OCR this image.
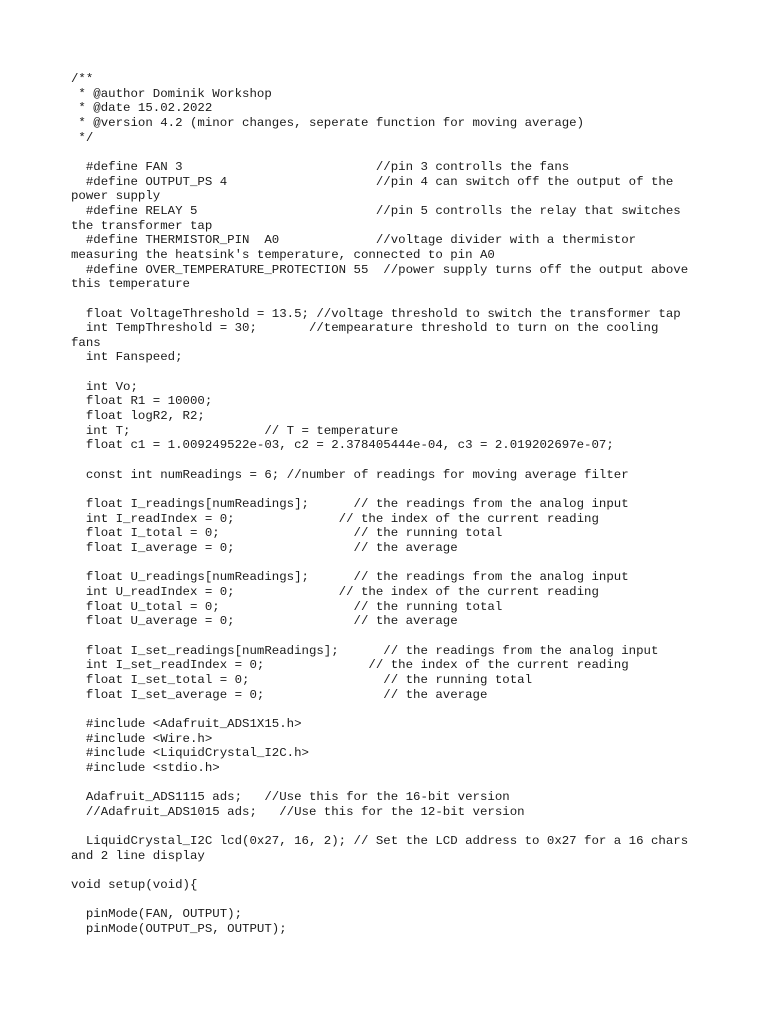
/**
* @author Dominik Workshop
* @date 15.02.2022
* @version 4.2 (minor changes, seperate function for moving average)
*/
#define FAN 3                          //pin 3 controlls the fans
#define OUTPUT_PS 4                    //pin 4 can switch off the output of the
power supply
#define RELAY 5                        //pin 5 controlls the relay that switches
the transformer tap
#define THERMISTOR_PIN  A0             //voltage divider with a thermistor
measuring the heatsink's temperature, connected to pin A0
#define OVER_TEMPERATURE_PROTECTION 55  //power supply turns off the output above
this temperature
float VoltageThreshold = 13.5; //voltage threshold to switch the transformer tap
int TempThreshold = 30;       //tempearature threshold to turn on the cooling
fans
int Fanspeed;
int Vo;
float R1 = 10000;
float logR2, R2;
int T;                  // T = temperature
float c1 = 1.009249522e-03, c2 = 2.378405444e-04, c3 = 2.019202697e-07;
const int numReadings = 6; //number of readings for moving average filter
float I_readings[numReadings];      // the readings from the analog input
int I_readIndex = 0;              // the index of the current reading
float I_total = 0;                  // the running total
float I_average = 0;                // the average
float U_readings[numReadings];      // the readings from the analog input
int U_readIndex = 0;              // the index of the current reading
float U_total = 0;                  // the running total
float U_average = 0;                // the average
float I_set_readings[numReadings];      // the readings from the analog input
int I_set_readIndex = 0;              // the index of the current reading
float I_set_total = 0;                  // the running total
float I_set_average = 0;                // the average
#include <Adafruit_ADS1X15.h>
#include <Wire.h>
#include <LiquidCrystal_I2C.h>
#include <stdio.h>
Adafruit_ADS1115 ads;   //Use this for the 16-bit version
//Adafruit_ADS1015 ads;   //Use this for the 12-bit version
LiquidCrystal_I2C lcd(0x27, 16, 2); // Set the LCD address to 0x27 for a 16 chars
and 2 line display
void setup(void){
pinMode(FAN, OUTPUT);
pinMode(OUTPUT_PS, OUTPUT);
